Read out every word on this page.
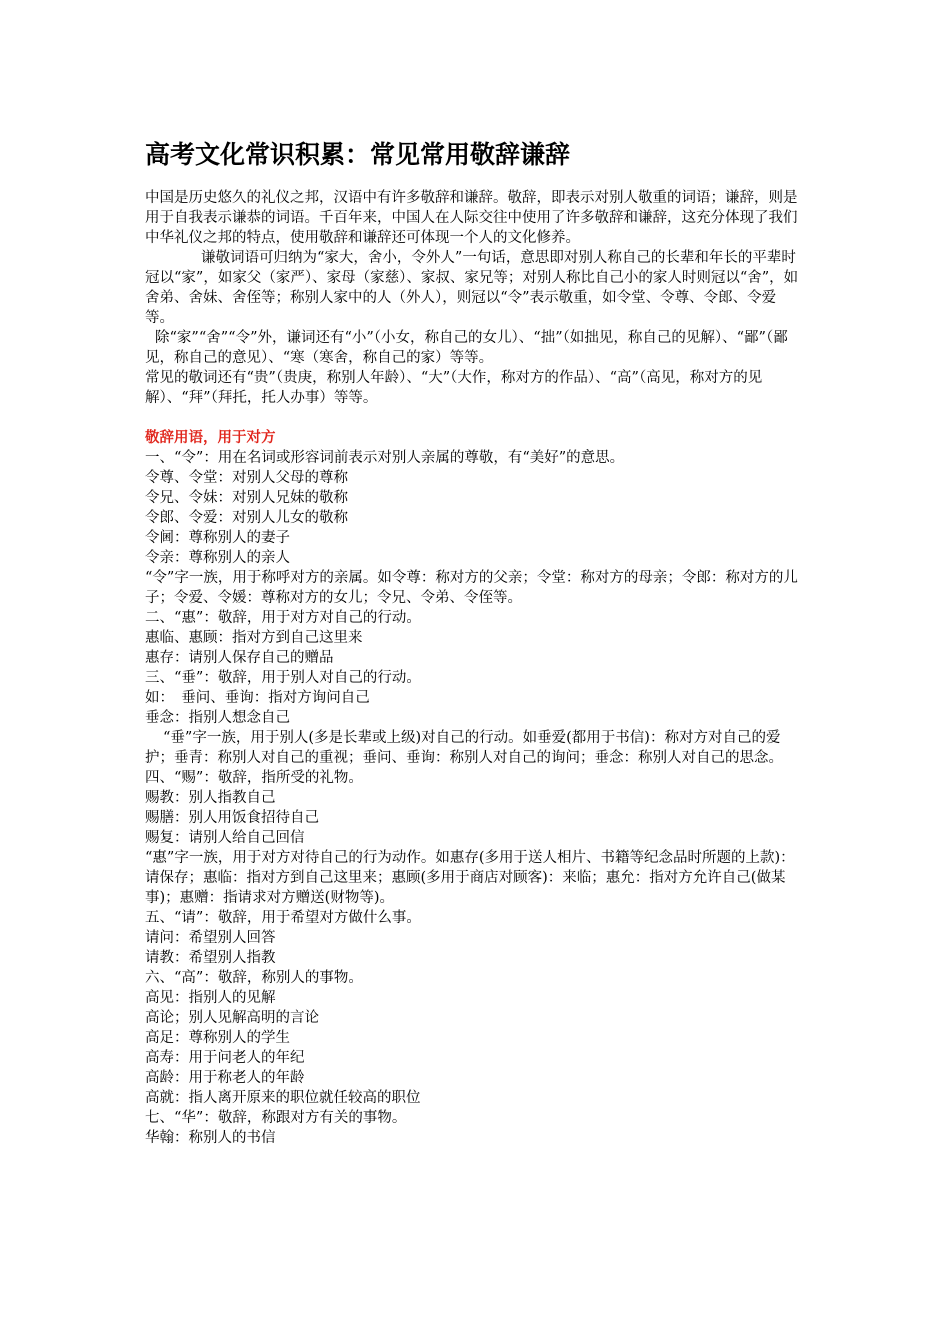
高考文化常识积累：常见常用敬辞谦辞

中国是历史悠久的礼仪之邦，汉语中有许多敬辞和谦辞。敬辞，即表示对别人敬重的词语；谦辞，则是用于自我表示谦恭的词语。千百年来，中国人在人际交往中使用了许多敬辞和谦辞，这充分体现了我们中华礼仪之邦的特点，使用敬辞和谦辞还可体现一个人的文化修养。

谦敬词语可归纳为“家大，舍小，令外人”一句话，意思即对别人称自己的长辈和年长的平辈时冠以“家”，如家父（家严）、家母（家慈）、家叔、家兄等；对别人称比自己小的家人时则冠以“舍”，如舍弟、舍妹、舍侄等；称别人家中的人（外人），则冠以“令”表示敬重，如令堂、令尊、令郎、令爱等。

除“家”“舍”“令”外，谦词还有“小”（小女，称自己的女儿）、“拙”（如拙见，称自己的见解）、“鄙”（鄙见，称自己的意见）、“寒（寒舍，称自己的家）等等。

常见的敬词还有“贵”（贵庚，称别人年龄）、“大”（大作，称对方的作品）、“高”（高见，称对方的见解）、“拜”（拜托，托人办事）等等。

敬辞用语，用于对方

一、“令”：用在名词或形容词前表示对别人亲属的尊敬，有“美好”的意思。

令尊、令堂：对别人父母的尊称

令兄、令妹：对别人兄妹的敬称

令郎、令爱：对别人儿女的敬称

令阃：尊称别人的妻子

令亲：尊称别人的亲人

“令”字一族，用于称呼对方的亲属。如令尊：称对方的父亲；令堂：称对方的母亲；令郎：称对方的儿子；令爱、令媛：尊称对方的女儿；令兄、令弟、令侄等。

二、“惠”：敬辞，用于对方对自己的行动。

惠临、惠顾：指对方到自己这里来

惠存：请别人保存自己的赠品

三、“垂”：敬辞，用于别人对自己的行动。

如：　垂问、垂询：指对方询问自己

垂念：指别人想念自己

“垂”字一族，用于别人(多是长辈或上级)对自己的行动。如垂爱(都用于书信)：称对方对自己的爱护；垂青：称别人对自己的重视；垂问、垂询：称别人对自己的询问；垂念：称别人对自己的思念。

四、“赐”：敬辞，指所受的礼物。

赐教：别人指教自己

赐膳：别人用饭食招待自己

赐复：请别人给自己回信

“惠”字一族，用于对方对待自己的行为动作。如惠存(多用于送人相片、书籍等纪念品时所题的上款)：请保存；惠临：指对方到自己这里来；惠顾(多用于商店对顾客)：来临；惠允：指对方允许自己(做某事)；惠赠：指请求对方赠送(财物等)。

五、“请”：敬辞，用于希望对方做什么事。

请问：希望别人回答

请教：希望别人指教

六、“高”：敬辞，称别人的事物。

高见：指别人的见解

高论；别人见解高明的言论

高足：尊称别人的学生

高寿：用于问老人的年纪

高龄：用于称老人的年龄

高就：指人离开原来的职位就任较高的职位

七、“华”：敬辞，称跟对方有关的事物。

华翰：称别人的书信
